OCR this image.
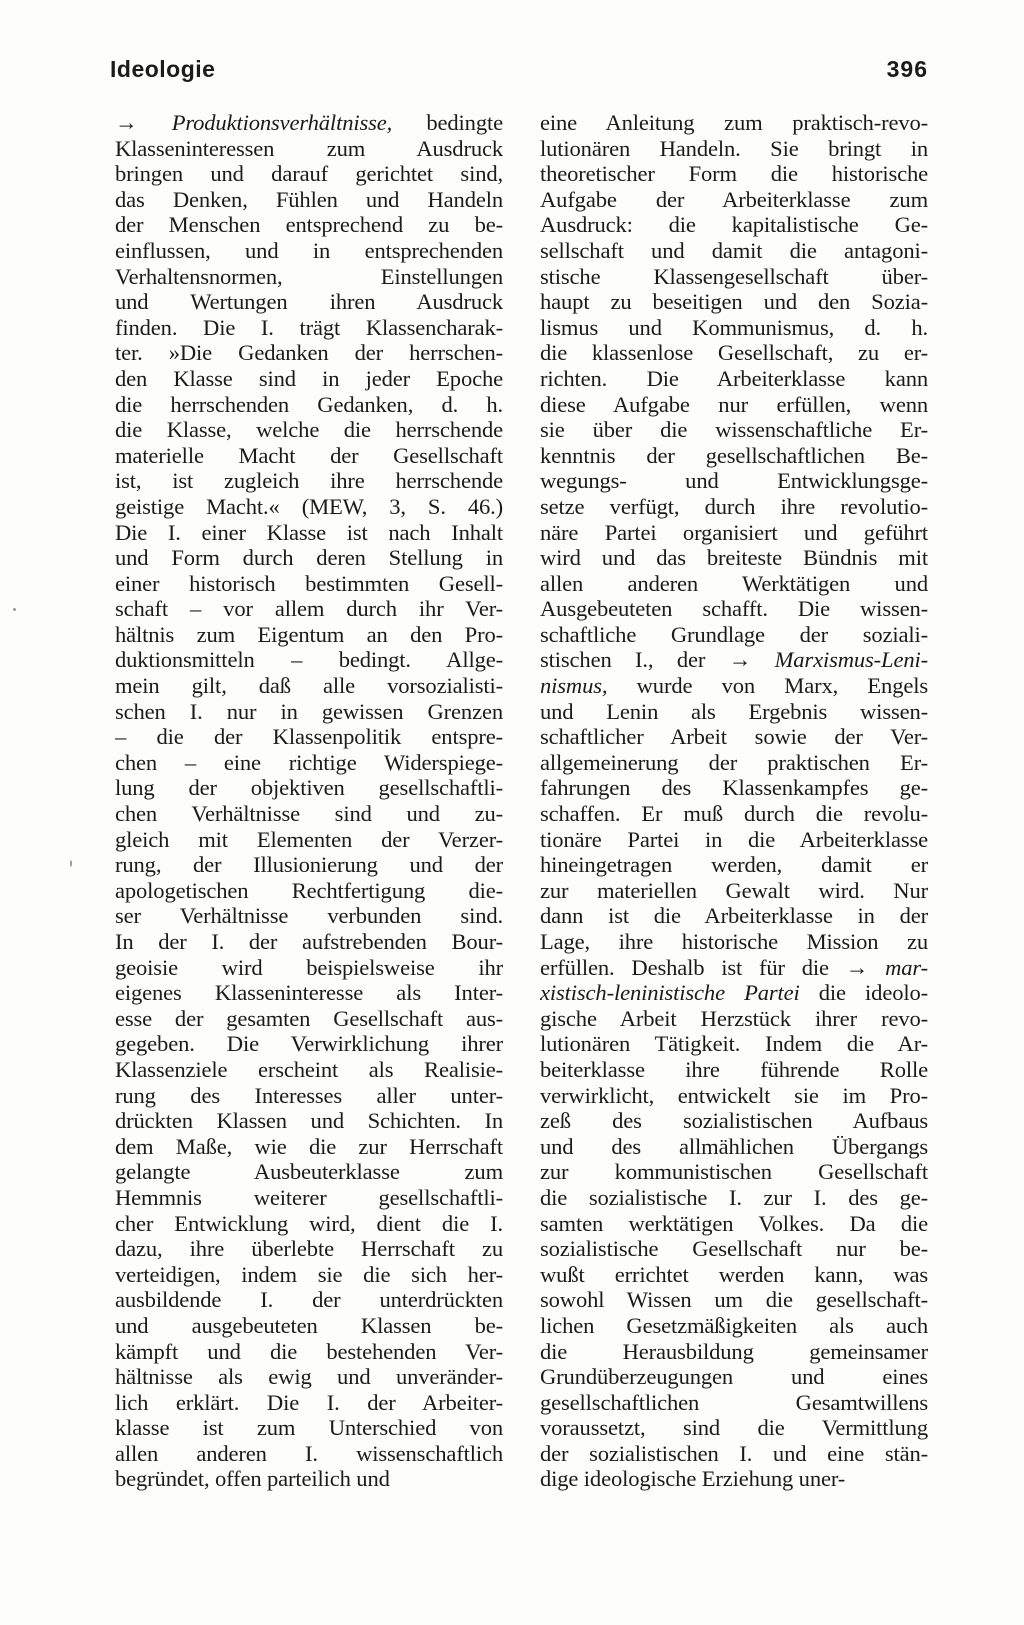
Ideologie	396
→ Produktionsverhältnisse, bedingte
Klasseninteressen zum Ausdruck
bringen und darauf gerichtet sind,
das Denken, Fühlen und Handeln
der Menschen entsprechend zu be-
einflussen, und in entsprechenden
Verhaltensnormen, Einstellungen
und Wertungen ihren Ausdruck
finden. Die I. trägt Klassencharak-
ter. »Die Gedanken der herrschen-
den Klasse sind in jeder Epoche
die herrschenden Gedanken, d. h.
die Klasse, welche die herrschende
materielle Macht der Gesellschaft
ist, ist zugleich ihre herrschende
geistige Macht.« (MEW, 3, S. 46.)
Die I. einer Klasse ist nach Inhalt
und Form durch deren Stellung in
einer historisch bestimmten Gesell-
schaft – vor allem durch ihr Ver-
hältnis zum Eigentum an den Pro-
duktionsmitteln – bedingt. Allge-
mein gilt, daß alle vorsozialisti-
schen I. nur in gewissen Grenzen
– die der Klassenpolitik entspre-
chen – eine richtige Widerspiege-
lung der objektiven gesellschaftli-
chen Verhältnisse sind und zu-
gleich mit Elementen der Verzer-
rung, der Illusionierung und der
apologetischen Rechtfertigung die-
ser Verhältnisse verbunden sind.
In der I. der aufstrebenden Bour-
geoisie wird beispielsweise ihr
eigenes Klasseninteresse als Inter-
esse der gesamten Gesellschaft aus-
gegeben. Die Verwirklichung ihrer
Klassenziele erscheint als Realisie-
rung des Interesses aller unter-
drückten Klassen und Schichten. In
dem Maße, wie die zur Herrschaft
gelangte Ausbeuterklasse zum
Hemmnis weiterer gesellschaftli-
cher Entwicklung wird, dient die I.
dazu, ihre überlebte Herrschaft zu
verteidigen, indem sie die sich her-
ausbildende I. der unterdrückten
und ausgebeuteten Klassen be-
kämpft und die bestehenden Ver-
hältnisse als ewig und unveränder-
lich erklärt. Die I. der Arbeiter-
klasse ist zum Unterschied von
allen anderen I. wissenschaftlich
begründet, offen parteilich und
eine Anleitung zum praktisch-revo-
lutionären Handeln. Sie bringt in
theoretischer Form die historische
Aufgabe der Arbeiterklasse zum
Ausdruck: die kapitalistische Ge-
sellschaft und damit die antagoni-
stische Klassengesellschaft über-
haupt zu beseitigen und den Sozia-
lismus und Kommunismus, d. h.
die klassenlose Gesellschaft, zu er-
richten. Die Arbeiterklasse kann
diese Aufgabe nur erfüllen, wenn
sie über die wissenschaftliche Er-
kenntnis der gesellschaftlichen Be-
wegungs- und Entwicklungsge-
setze verfügt, durch ihre revolutio-
näre Partei organisiert und geführt
wird und das breiteste Bündnis mit
allen anderen Werktätigen und
Ausgebeuteten schafft. Die wissen-
schaftliche Grundlage der soziali-
stischen I., der → Marxismus-Leni-
nismus, wurde von Marx, Engels
und Lenin als Ergebnis wissen-
schaftlicher Arbeit sowie der Ver-
allgemeinerung der praktischen Er-
fahrungen des Klassenkampfes ge-
schaffen. Er muß durch die revolu-
tionäre Partei in die Arbeiterklasse
hineingetragen werden, damit er
zur materiellen Gewalt wird. Nur
dann ist die Arbeiterklasse in der
Lage, ihre historische Mission zu
erfüllen. Deshalb ist für die → mar-
xistisch-leninistische Partei die ideolo-
gische Arbeit Herzstück ihrer revo-
lutionären Tätigkeit. Indem die Ar-
beiterklasse ihre führende Rolle
verwirklicht, entwickelt sie im Pro-
zeß des sozialistischen Aufbaus
und des allmählichen Übergangs
zur kommunistischen Gesellschaft
die sozialistische I. zur I. des ge-
samten werktätigen Volkes. Da die
sozialistische Gesellschaft nur be-
wußt errichtet werden kann, was
sowohl Wissen um die gesellschaft-
lichen Gesetzmäßigkeiten als auch
die Herausbildung gemeinsamer
Grundüberzeugungen und eines
gesellschaftlichen Gesamtwillens
voraussetzt, sind die Vermittlung
der sozialistischen I. und eine stän-
dige ideologische Erziehung uner-
